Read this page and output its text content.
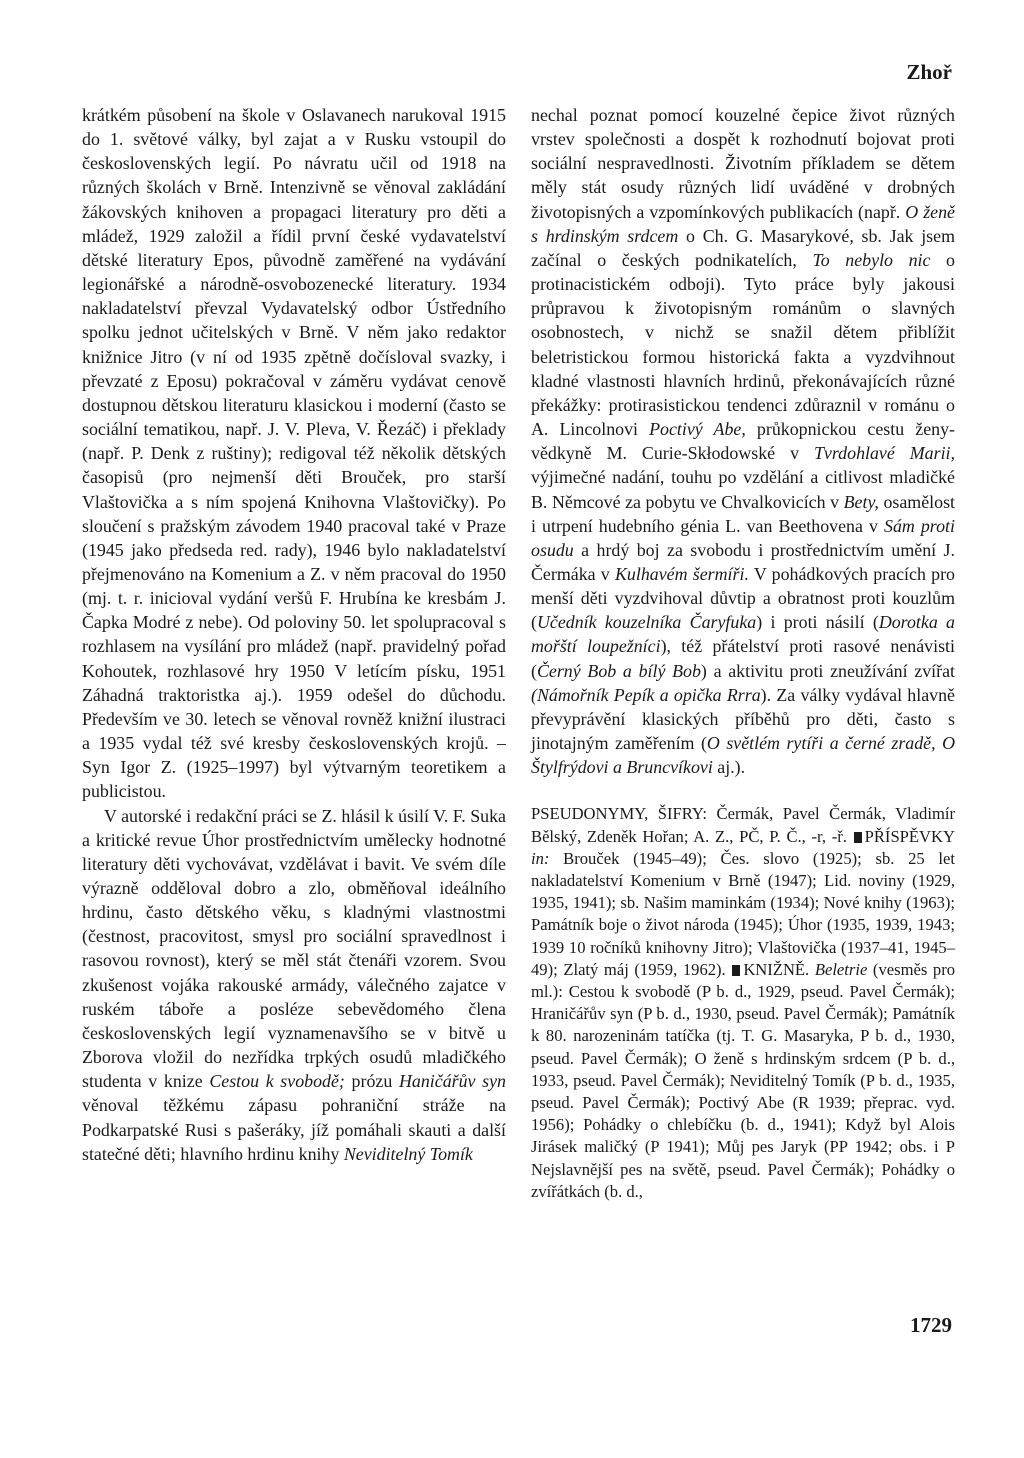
Zhoř

krátkém působení na škole v Oslavanech narukoval 1915 do 1. světové války, byl zajat a v Rusku vstoupil do československých legií. Po návratu učil od 1918 na různých školách v Brně. Intenzivně se věnoval zakládání žákovských knihoven a propagaci literatury pro děti a mládež, 1929 založil a řídil první české vydavatelství dětské literatury Epos, původně zaměřené na vydávání legionářské a národně-osvobozenecké literatury. 1934 nakladatelství převzal Vydavatelský odbor Ústředního spolku jednot učitelských v Brně. V něm jako redaktor knižnice Jitro (v ní od 1935 zpětně dočísloval svazky, i převzaté z Eposu) pokračoval v záměru vydávat cenově dostupnou dětskou literaturu klasickou i moderní (často se sociální tematikou, např. J. V. Pleva, V. Řezáč) i překlady (např. P. Denk z ruštiny); redigoval též několik dětských časopisů (pro nejmenší děti Brouček, pro starší Vlaštovička a s ním spojená Knihovna Vlaštovičky). Po sloučení s pražským závodem 1940 pracoval také v Praze (1945 jako předseda red. rady), 1946 bylo nakladatelství přejmenováno na Komenium a Z. v něm pracoval do 1950 (mj. t. r. inicioval vydání veršů F. Hrubína ke kresbám J. Čapka Modré z nebe). Od poloviny 50. let spolupracoval s rozhlasem na vysílání pro mládež (např. pravidelný pořad Kohoutek, rozhlasové hry 1950 V letícím písku, 1951 Záhadná traktoristka aj.). 1959 odešel do důchodu. Především ve 30. letech se věnoval rovněž knižní ilustraci a 1935 vydal též své kresby československých krojů. – Syn Igor Z. (1925–1997) byl výtvarným teoretikem a publicistou.

V autorské i redakční práci se Z. hlásil k úsilí V. F. Suka a kritické revue Úhor prostřednictvím umělecky hodnotné literatury děti vychovávat, vzdělávat i bavit. Ve svém díle výrazně odděloval dobro a zlo, obměňoval ideálního hrdinu, často dětského věku, s kladnými vlastnostmi (čestnost, pracovitost, smysl pro sociální spravedlnost i rasovou rovnost), který se měl stát čtenáři vzorem. Svou zkušenost vojáka rakouské armády, válečného zajatce v ruském táboře a posléze sebevědomého člena československých legií vyznamenavšího se v bitvě u Zborova vložil do nezřídka trpkých osudů mladičkého studenta v knize Cestou k svobodě; prózu Haničářův syn věnoval těžkému zápasu pohraniční stráže na Podkarpatské Rusi s pašeráky, jíž pomáhali skauti a další statečné děti; hlavního hrdinu knihy Neviditelný Tomík

nechal poznat pomocí kouzelné čepice život různých vrstev společnosti a dospět k rozhodnutí bojovat proti sociální nespravedlnosti. Životním příkladem se dětem měly stát osudy různých lidí uváděné v drobných životopisných a vzpomínkových publikacích (např. O ženě s hrdinským srdcem o Ch. G. Masarykové, sb. Jak jsem začínal o českých podnikatelích, To nebylo nic o protinacistickém odboji). Tyto práce byly jakousi průpravou k životopisným románům o slavných osobnostech, v nichž se snažil dětem přiblížit beletristickou formou historická fakta a vyzdvihnout kladné vlastnosti hlavních hrdinů, překonávajících různé překážky: protirasistickou tendenci zdůraznil v románu o A. Lincolnovi Poctivý Abe, průkopnickou cestu ženy-vědkyně M. Curie-Skłodowské v Tvrdohlavé Marii, výjimečné nadání, touhu po vzdělání a citlivost mladičké B. Němcové za pobytu ve Chvalkovicích v Bety, osamělost i utrpení hudebního génia L. van Beethovena v Sám proti osudu a hrdý boj za svobodu i prostřednictvím umění J. Čermáka v Kulhavém šermíři. V pohádkových pracích pro menší děti vyzdvihoval důvtip a obratnost proti kouzlům (Učedník kouzelníka Čaryfuka) i proti násilí (Dorotka a mořští loupežníci), též přátelství proti rasové nenávisti (Černý Bob a bílý Bob) a aktivitu proti zneužívání zvířat (Námořník Pepík a opička Rrra). Za války vydával hlavně převyprávění klasických příběhů pro děti, často s jinotajným zaměřením (O světlém rytíři a černé zradě, O Štylfrýdovi a Bruncvíkovi aj.).

PSEUDONYMY, ŠIFRY: Čermák, Pavel Čermák, Vladimír Bělský, Zdeněk Hořan; A. Z., PČ, P. Č., -r, -ř. PŘÍSPĚVKY in: Brouček (1945–49); Čes. slovo (1925); sb. 25 let nakladatelství Komenium v Brně (1947); Lid. noviny (1929, 1935, 1941); sb. Našim maminkám (1934); Nové knihy (1963); Památník boje o život národa (1945); Úhor (1935, 1939, 1943; 1939 10 ročníků knihovny Jitro); Vlaštovička (1937–41, 1945–49); Zlatý máj (1959, 1962). KNIŽNĚ. Beletrie (vesměs pro ml.): Cestou k svobodě (P b. d., 1929, pseud. Pavel Čermák); Hraničářův syn (P b. d., 1930, pseud. Pavel Čermák); Památník k 80. narozeninám tatíčka (tj. T. G. Masaryka, P b. d., 1930, pseud. Pavel Čermák); O ženě s hrdinským srdcem (P b. d., 1933, pseud. Pavel Čermák); Neviditelný Tomík (P b. d., 1935, pseud. Pavel Čermák); Poctivý Abe (R 1939; přeprac. vyd. 1956); Pohádky o chlebíčku (b. d., 1941); Když byl Alois Jirásek maličký (P 1941); Můj pes Jaryk (PP 1942; obs. i P Nejslavnější pes na světě, pseud. Pavel Čermák); Pohádky o zvířátkách (b. d.,

1729
